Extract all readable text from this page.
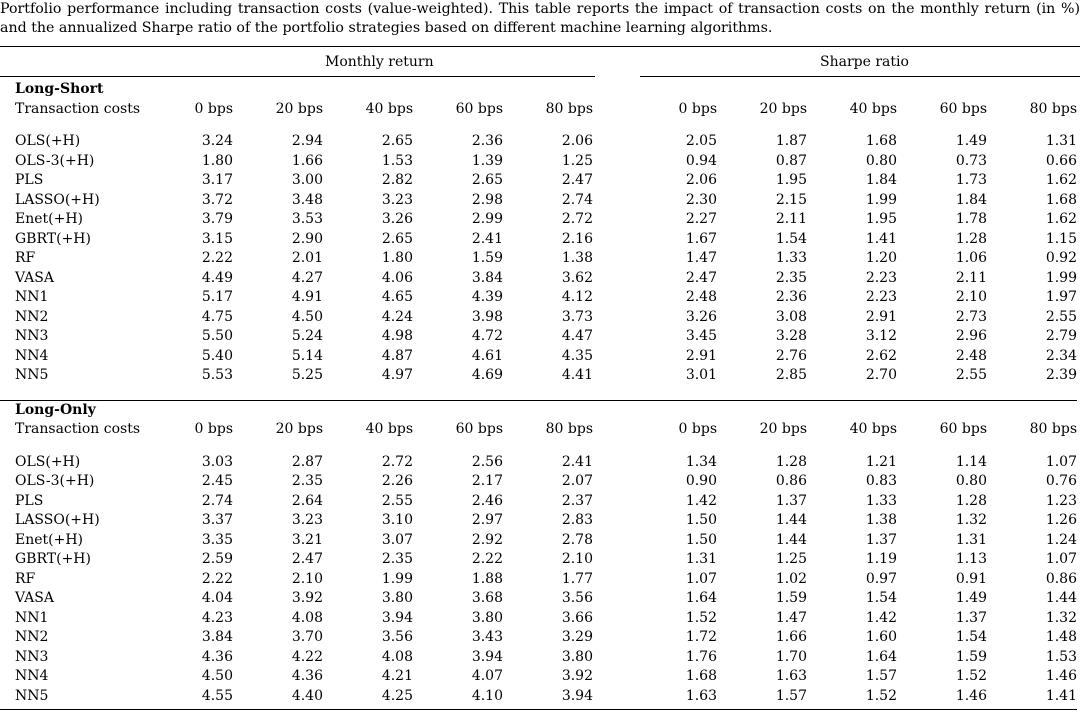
Portfolio performance including transaction costs (value-weighted). This table reports the impact of transaction costs on the monthly return (in %) and the annualized Sharpe ratio of the portfolio strategies based on different machine learning algorithms.
Monthly return	Sharpe ratio
Long-Short											
Transaction costs	0 bps	20 bps	40 bps	60 bps	80 bps		0 bps	20 bps	40 bps	60 bps	80 bps

OLS(+H)	3.24	2.94	2.65	2.36	2.06		2.05	1.87	1.68	1.49	1.31
OLS-3(+H)	1.80	1.66	1.53	1.39	1.25		0.94	0.87	0.80	0.73	0.66
PLS	3.17	3.00	2.82	2.65	2.47		2.06	1.95	1.84	1.73	1.62
LASSO(+H)	3.72	3.48	3.23	2.98	2.74		2.30	2.15	1.99	1.84	1.68
Enet(+H)	3.79	3.53	3.26	2.99	2.72		2.27	2.11	1.95	1.78	1.62
GBRT(+H)	3.15	2.90	2.65	2.41	2.16		1.67	1.54	1.41	1.28	1.15
RF	2.22	2.01	1.80	1.59	1.38		1.47	1.33	1.20	1.06	0.92
VASA	4.49	4.27	4.06	3.84	3.62		2.47	2.35	2.23	2.11	1.99
NN1	5.17	4.91	4.65	4.39	4.12		2.48	2.36	2.23	2.10	1.97
NN2	4.75	4.50	4.24	3.98	3.73		3.26	3.08	2.91	2.73	2.55
NN3	5.50	5.24	4.98	4.72	4.47		3.45	3.28	3.12	2.96	2.79
NN4	5.40	5.14	4.87	4.61	4.35		2.91	2.76	2.62	2.48	2.34
NN5	5.53	5.25	4.97	4.69	4.41		3.01	2.85	2.70	2.55	2.39

Long-Only											
Transaction costs	0 bps	20 bps	40 bps	60 bps	80 bps		0 bps	20 bps	40 bps	60 bps	80 bps

OLS(+H)	3.03	2.87	2.72	2.56	2.41		1.34	1.28	1.21	1.14	1.07
OLS-3(+H)	2.45	2.35	2.26	2.17	2.07		0.90	0.86	0.83	0.80	0.76
PLS	2.74	2.64	2.55	2.46	2.37		1.42	1.37	1.33	1.28	1.23
LASSO(+H)	3.37	3.23	3.10	2.97	2.83		1.50	1.44	1.38	1.32	1.26
Enet(+H)	3.35	3.21	3.07	2.92	2.78		1.50	1.44	1.37	1.31	1.24
GBRT(+H)	2.59	2.47	2.35	2.22	2.10		1.31	1.25	1.19	1.13	1.07
RF	2.22	2.10	1.99	1.88	1.77		1.07	1.02	0.97	0.91	0.86
VASA	4.04	3.92	3.80	3.68	3.56		1.64	1.59	1.54	1.49	1.44
NN1	4.23	4.08	3.94	3.80	3.66		1.52	1.47	1.42	1.37	1.32
NN2	3.84	3.70	3.56	3.43	3.29		1.72	1.66	1.60	1.54	1.48
NN3	4.36	4.22	4.08	3.94	3.80		1.76	1.70	1.64	1.59	1.53
NN4	4.50	4.36	4.21	4.07	3.92		1.68	1.63	1.57	1.52	1.46
NN5	4.55	4.40	4.25	4.10	3.94		1.63	1.57	1.52	1.46	1.41
